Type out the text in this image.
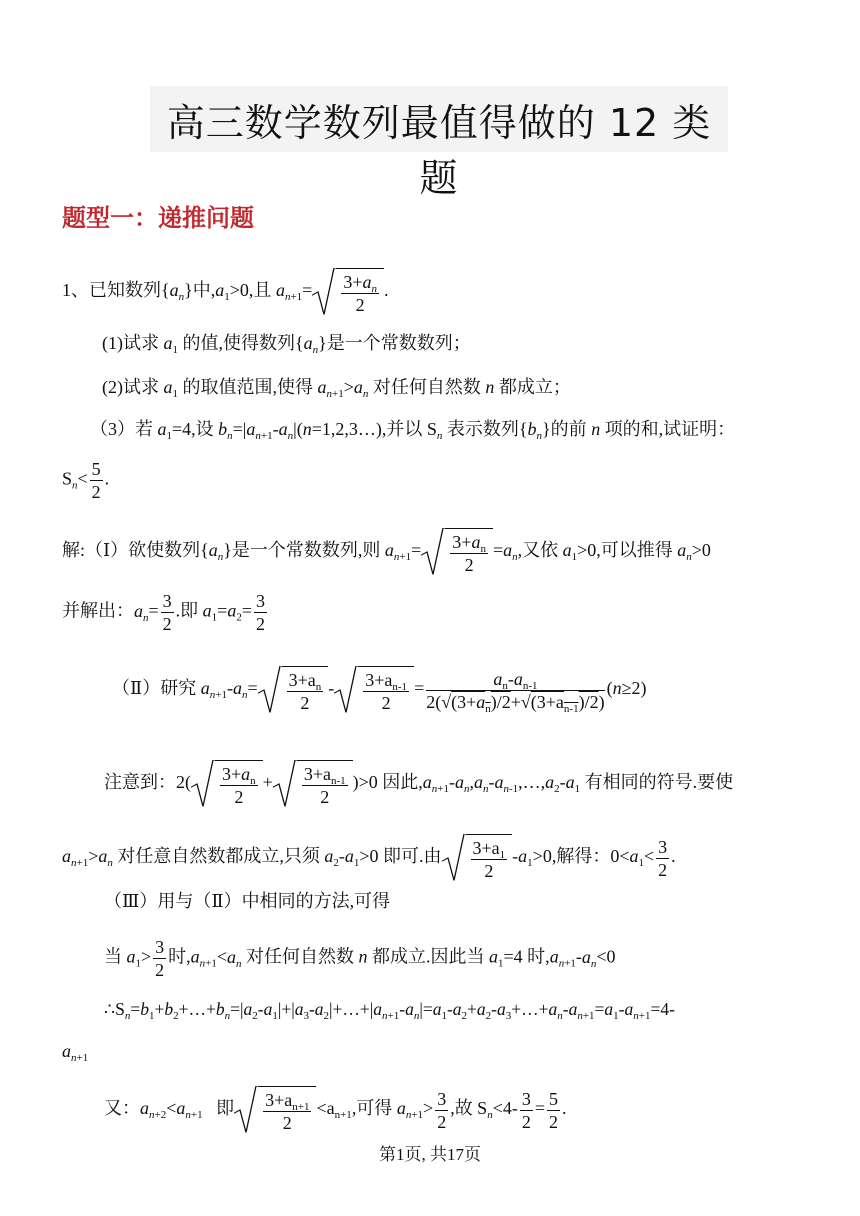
高三数学数列最值得做的 12 类题
题型一：递推问题
1、已知数列$\{a_n\}$中$,a_1>0$,且 $a_{n+1}= \frac{3+a_n}{2}$ .
(1)试求 $a_1$ 的值,使得数列$\{a_n\}$是一个常数数列；
(2)试求 $a_1$ 的取值范围,使得 $a_{n+1}>a_n$ 对任何自然数 n 都成立；
（3）若 $a_1=4$,设 $b_n=|a_{n+1}-a_n|(n=1,2,3\dots)$,并以 $S_n$ 表示数列$\{b_n\}$的前 n 项的和,试证明：
$S_n< \frac{5}{2}$ .
解:（Ⅰ）欲使数列$\{a_n\}$是一个常数数列,则 $a_{n+1}= \frac{3+a_n}{2} =a_n$,又依 $a_1>0$,可以推得 $a_n>0$
并解出：$a_n= \frac{3}{2}$ .即 $a_1=a_2= \frac{3}{2}$
（Ⅱ）研究 $a_{n+1}-a_n= \frac{3+a_n}{2} - \frac{3+a_{n-1}}{2} = \frac{a_n-a_{n-1}}{2(√(3+a_n)/2+√(3+a_{n-1})/2)} (n\ge 2)$
注意到：$2( \frac{3+a_n}{2} + \frac{3+a_{n-1}}{2} )>0$ 因此$,a_{n+1}-a_n,a_n-a_{n-1},\dots,a_2-a_1$ 有相同的符号.要使
$a_{n+1}>a_n$ 对任意自然数都成立,只须 $a_2-a_1>0$ 即可.由 $\frac{3+a_1}{2} -a_1>0$,解得：$0<a_1< \frac{3}{2}$ .
（Ⅲ）用与（Ⅱ）中相同的方法,可得
当 $a_1> \frac{3}{2}$ 时$,a_{n+1}<a_n$ 对任何自然数 n 都成立.因此当 $a_1=4$ 时$,a_{n+1}-a_n<0$
$\therefore S_n=b_1+b_2+\dots+b_n=|a_2-a_1|+|a_3-a_2|+\dots+|a_{n+1}-a_n|=a_1-a_2+a_2-a_3+\dots+a_n-a_{n+1}=a_1-a_{n+1}=4-$
$a_{n+1}$
又：$a_{n+2}<a_{n+1}$   即 $\frac{3+a_{n+1}}{2} <a_{n+1}$,可得 $a_{n+1}> \frac{3}{2}$ ,故 $S_n<4- \frac{3}{2} = \frac{5}{2}$ .
第1页, 共17页
